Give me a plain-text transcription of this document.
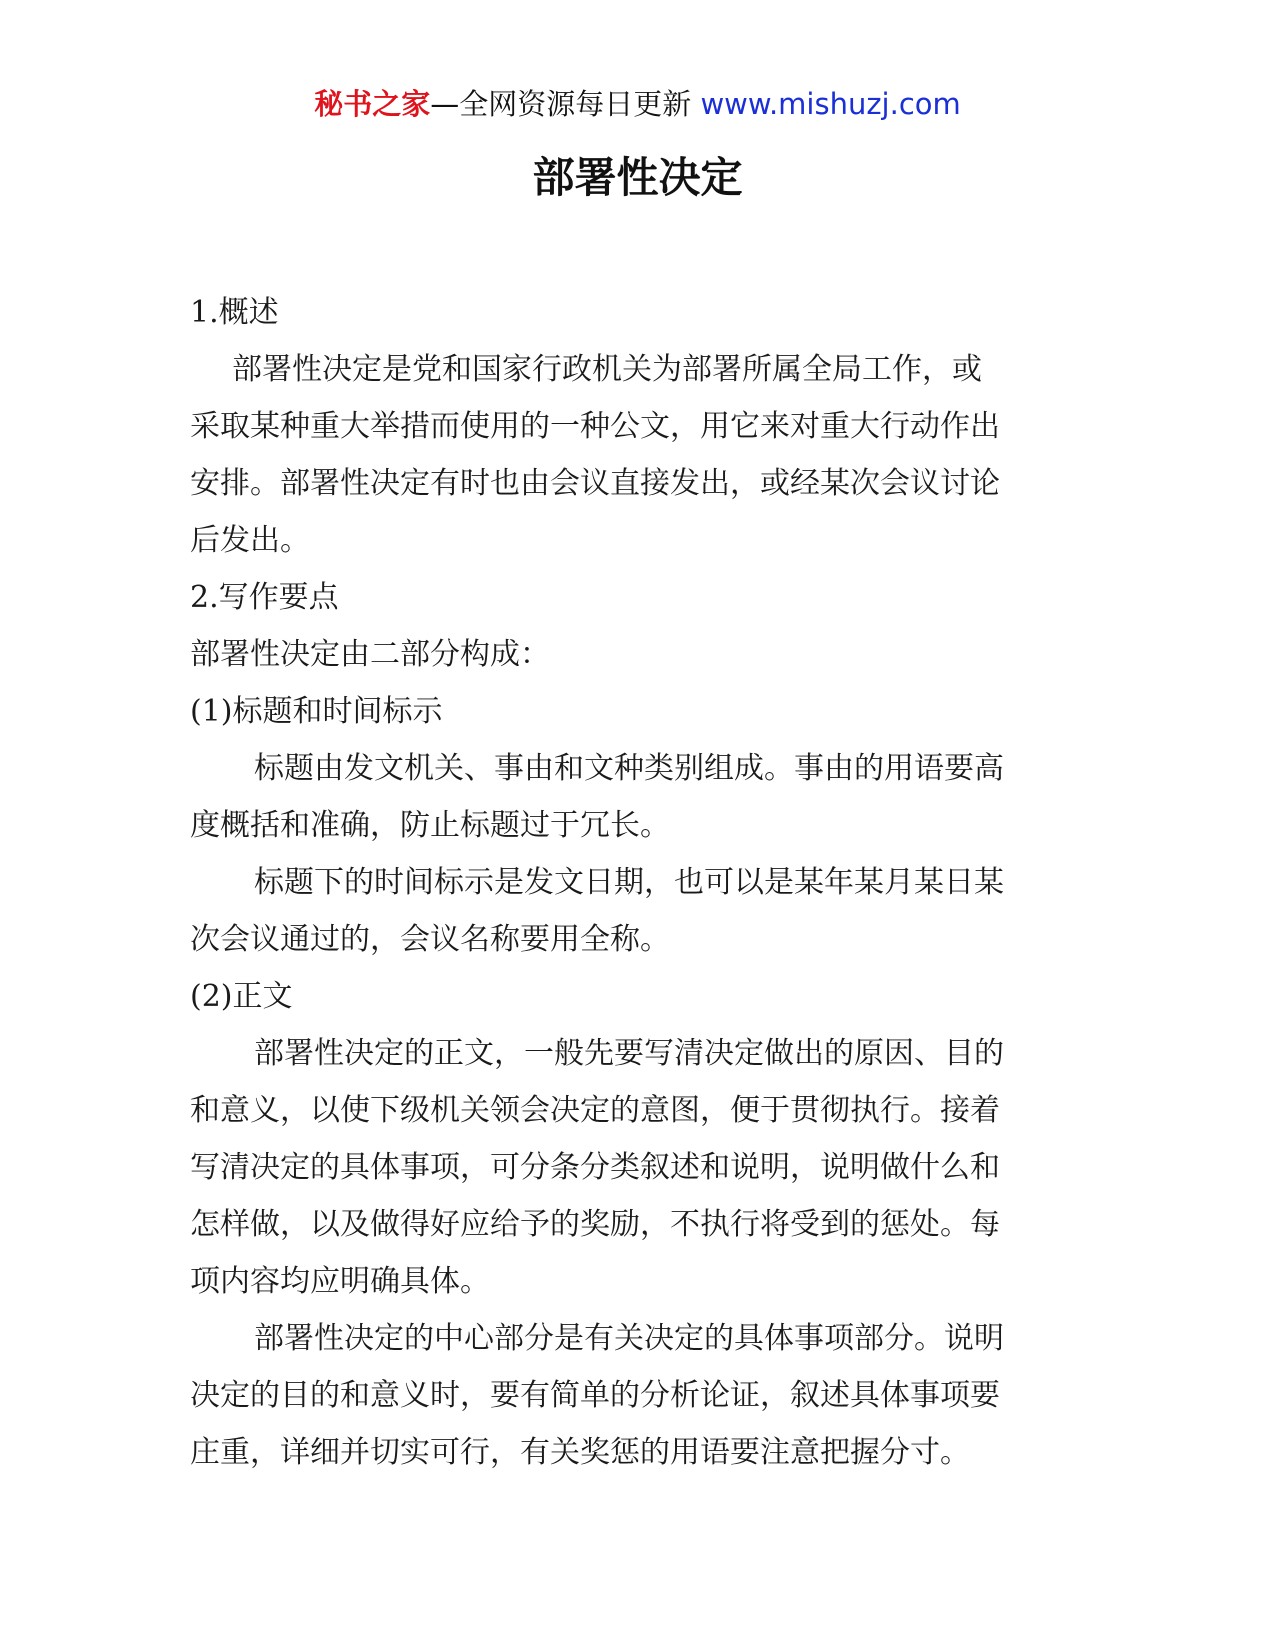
秘书之家—全网资源每日更新 www.mishuzj.com
部署性决定

1.概述

部署性决定是党和国家行政机关为部署所属全局工作，或
采取某种重大举措而使用的一种公文，用它来对重大行动作出
安排。部署性决定有时也由会议直接发出，或经某次会议讨论
后发出。

2.写作要点

部署性决定由二部分构成：

(1)标题和时间标示

标题由发文机关、事由和文种类别组成。事由的用语要高
度概括和准确，防止标题过于冗长。

标题下的时间标示是发文日期，也可以是某年某月某日某
次会议通过的，会议名称要用全称。

(2)正文

部署性决定的正文，一般先要写清决定做出的原因、目的
和意义，以使下级机关领会决定的意图，便于贯彻执行。接着
写清决定的具体事项，可分条分类叙述和说明，说明做什么和
怎样做，以及做得好应给予的奖励，不执行将受到的惩处。每
项内容均应明确具体。

部署性决定的中心部分是有关决定的具体事项部分。说明
决定的目的和意义时，要有简单的分析论证，叙述具体事项要
庄重，详细并切实可行，有关奖惩的用语要注意把握分寸。
